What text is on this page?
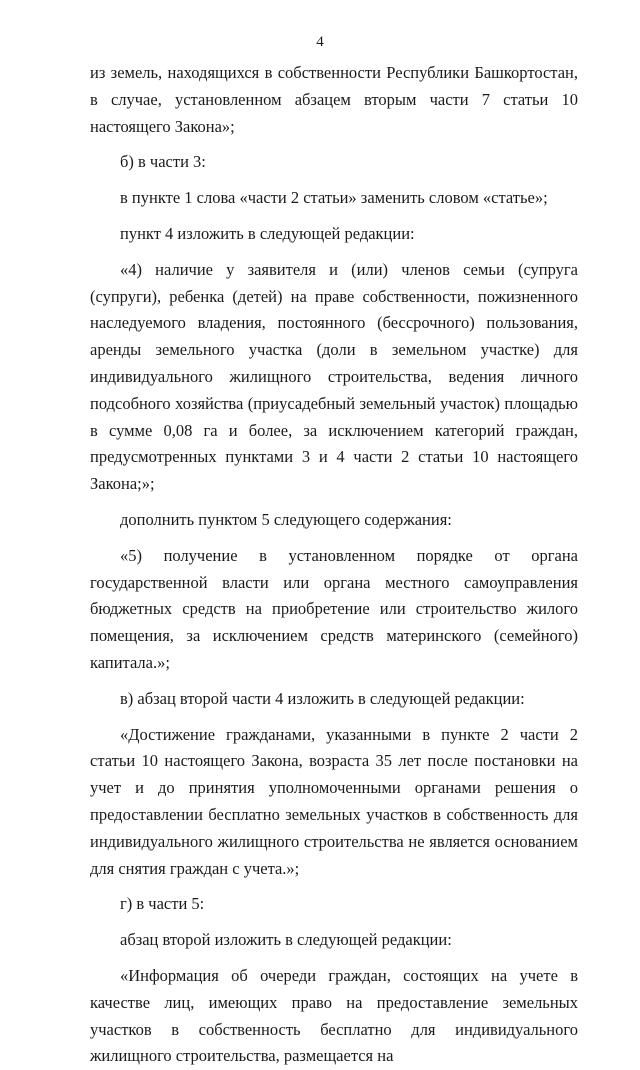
4

из земель, находящихся в собственности Республики Башкортостан, в случае, установленном абзацем вторым части 7 статьи 10 настоящего Закона»;

б) в части 3:

в пункте 1 слова «части 2 статьи» заменить словом «статье»;

пункт 4 изложить в следующей редакции:

«4) наличие у заявителя и (или) членов семьи (супруга (супруги), ребенка (детей) на праве собственности, пожизненного наследуемого владения, постоянного (бессрочного) пользования, аренды земельного участка (доли в земельном участке) для индивидуального жилищного строительства, ведения личного подсобного хозяйства (приусадебный земельный участок) площадью в сумме 0,08 га и более, за исключением категорий граждан, предусмотренных пунктами 3 и 4 части 2 статьи 10 настоящего Закона;»;

дополнить пунктом 5 следующего содержания:

«5) получение в установленном порядке от органа государственной власти или органа местного самоуправления бюджетных средств на приобретение или строительство жилого помещения, за исключением средств материнского (семейного) капитала.»;

в) абзац второй части 4 изложить в следующей редакции:

«Достижение гражданами, указанными в пункте 2 части 2 статьи 10 настоящего Закона, возраста 35 лет после постановки на учет и до принятия уполномоченными органами решения о предоставлении бесплатно земельных участков в собственность для индивидуального жилищного строительства не является основанием для снятия граждан с учета.»;

г) в части 5:

абзац второй изложить в следующей редакции:

«Информация об очереди граждан, состоящих на учете в качестве лиц, имеющих право на предоставление земельных участков в собственность бесплатно для индивидуального жилищного строительства, размещается на
